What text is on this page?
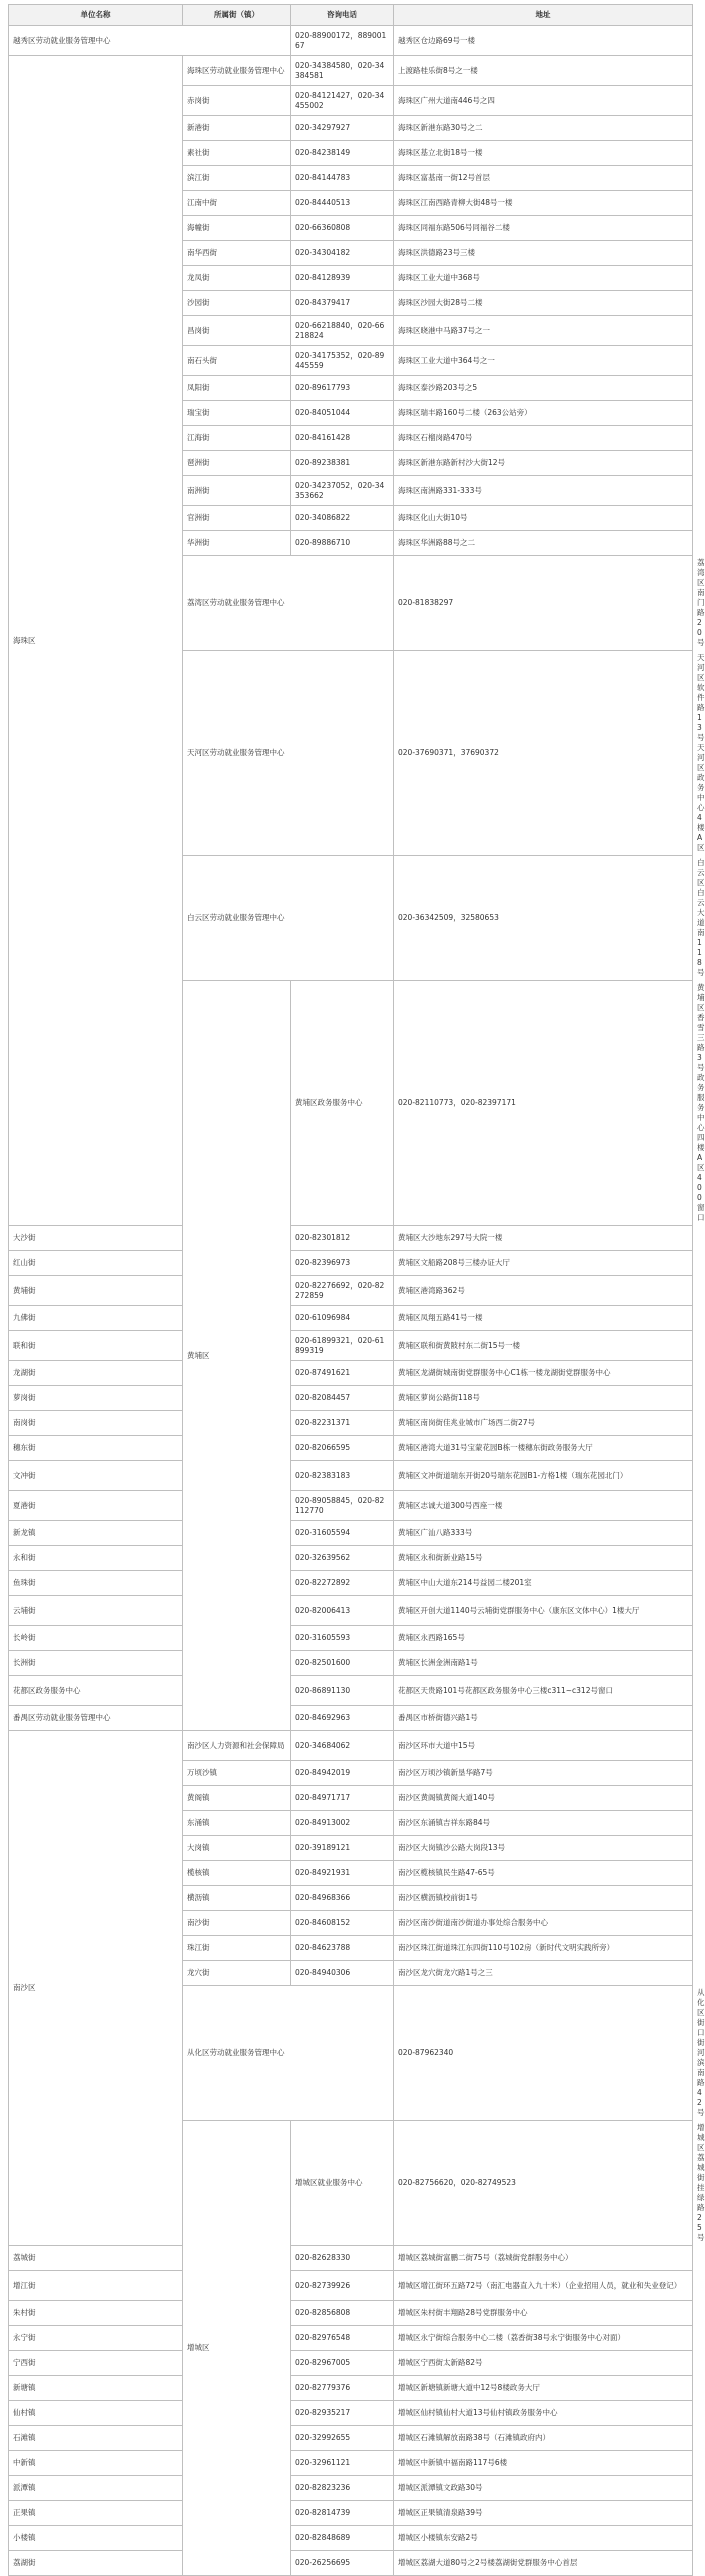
单位名称	所属街（镇）	咨询电话	地址	
越秀区劳动就业服务管理中心		020-88900172，88900167	越秀区仓边路69号一楼	
海珠区	海珠区劳动就业服务管理中心	020-34384580，020-34384581	上渡路桂乐街8号之一楼	
	赤岗街	020-84121427，020-34455002	海珠区广州大道南446号之四	
	新港街	020-34297927	海珠区新港东路30号之二	
	素社街	020-84238149	海珠区基立北街18号一楼	
	滨江街	020-84144783	海珠区富基南一街12号首层	
	江南中街	020-84440513	海珠区江南西路青柳大街48号一楼	
	海幢街	020-66360808	海珠区同福东路506号同福谷二楼	
	南华西街	020-34304182	海珠区洪德路23号三楼	
	龙凤街	020-84128939	海珠区工业大道中368号	
	沙园街	020-84379417	海珠区沙园大街28号二楼	
	昌岗街	020-66218840，020-66218824	海珠区晓港中马路37号之一	
	南石头街	020-34175352，020-89445559	海珠区工业大道中364号之一	
	凤阳街	020-89617793	海珠区泰沙路203号之5	
	瑞宝街	020-84051044	海珠区瑞丰路160号二楼（263公站旁）	
	江海街	020-84161428	海珠区石榴岗路470号	
	琶洲街	020-89238381	海珠区新港东路新村沙大街12号	
	南洲街	020-34237052，020-34353662	海珠区南洲路331-333号	
	官洲街	020-34086822	海珠区化山大街10号	
	华洲街	020-89886710	海珠区华洲路88号之二	
	荔湾区劳动就业服务管理中心		020-81838297	荔湾区南门路20号
	天河区劳动就业服务管理中心		020-37690371，37690372	天河区软件路13号天河区政务中心4楼A区
	白云区劳动就业服务管理中心		020-36342509，32580653	白云区白云大道南118号
	黄埔区	黄埔区政务服务中心	020-82110773，020-82397171	黄埔区香雪三路3号政务服务中心四楼A区400窗口
大沙街		020-82301812	黄埔区大沙地东297号大院一楼	
红山街		020-82396973	黄埔区文船路208号三楼办证大厅	
黄埔街		020-82276692，020-82272859	黄埔区港湾路362号	
九佛街		020-61096984	黄埔区凤翔五路41号一楼	
联和街		020-61899321，020-61899319	黄埔区联和街黄陂村东二街15号一楼	
龙湖街		020-87491621	黄埔区龙湖街城南街党群服务中心C1栋一楼龙湖街党群服务中心	
萝岗街		020-82084457	黄埔区萝岗公路街118号	
南岗街		020-82231371	黄埔区南岗街佳兆业城市广场西二街27号	
穗东街		020-82066595	黄埔区港湾大道31号宝蒙花园B栋一楼穗东街政务服务大厅	
文冲街		020-82383183	黄埔区文冲街道瑞东开街20号瑞东花园B1-方格1楼（瑞东花园北门）	
夏港街		020-89058845，020-82112770	黄埔区志诚大道300号西座一楼	
新龙镇		020-31605594	黄埔区广汕八路333号	
永和街		020-32639562	黄埔区永和街新业路15号	
鱼珠街		020-82272892	黄埔区中山大道东214号益园二楼201室	
云埔街		020-82006413	黄埔区开创大道1140号云埔街党群服务中心（康东区文体中心）1楼大厅	
长岭街		020-31605593	黄埔区永西路165号	
长洲街		020-82501600	黄埔区长洲金洲南路1号	
花都区政务服务中心		020-86891130	花都区天贵路101号花都区政务服务中心三楼c311~c312号窗口	
番禺区劳动就业服务管理中心		020-84692963	番禺区市桥街德兴路1号	
南沙区	南沙区人力资源和社会保障局	020-34684062	南沙区环市大道中15号	
	万顷沙镇	020-84942019	南沙区万顷沙镇新垦华路7号	
	黄阁镇	020-84971717	南沙区黄阁镇黄阁大道140号	
	东涌镇	020-84913002	南沙区东涌镇吉祥东路84号	
	大岗镇	020-39189121	南沙区大岗镇沙公路大岗段13号	
	榄核镇	020-84921931	南沙区榄核镇民生路47-65号	
	横沥镇	020-84968366	南沙区横沥镇校前街1号	
	南沙街	020-84608152	南沙区南沙街道南沙街道办事处综合服务中心	
	珠江街	020-84623788	南沙区珠江街道珠江东四街110号102房（新时代文明实践所旁）	
	龙穴街	020-84940306	南沙区龙穴街龙穴路1号之三	
	从化区劳动就业服务管理中心		020-87962340	从化区街口街河滨南路42号
	增城区	增城区就业服务中心	020-82756620，020-82749523	增城区荔城街挂绿路25号
荔城街		020-82628330	增城区荔城街富鹏二街75号（荔城街党群服务中心）	
增江街		020-82739926	增城区增江街环五路72号（南汇电器直入九十米）（企业招用人员，就业和失业登记）	
朱村街		020-82856808	增城区朱村街丰翔路28号党群服务中心	
永宁街		020-82976548	增城区永宁街综合服务中心二楼（荔香街38号永宁街服务中心对面）	
宁西街		020-82967005	增城区宁西街太新路82号	
新塘镇		020-82779376	增城区新塘镇新塘大道中12号8楼政务大厅	
仙村镇		020-82935217	增城区仙村镇仙村大道13号仙村镇政务服务中心	
石滩镇		020-32992655	增城区石滩镇解放南路38号（石滩镇政府内）	
中新镇		020-32961121	增城区中新镇中福南路117号6楼	
派潭镇		020-82823236	增城区派潭镇文政路30号	
正果镇		020-82814739	增城区正果镇清泉路39号	
小楼镇		020-82848689	增城区小楼镇东安路2号	
荔湖街		020-26256695	增城区荔湖大道80号之2号楼荔湖街党群服务中心首层	
